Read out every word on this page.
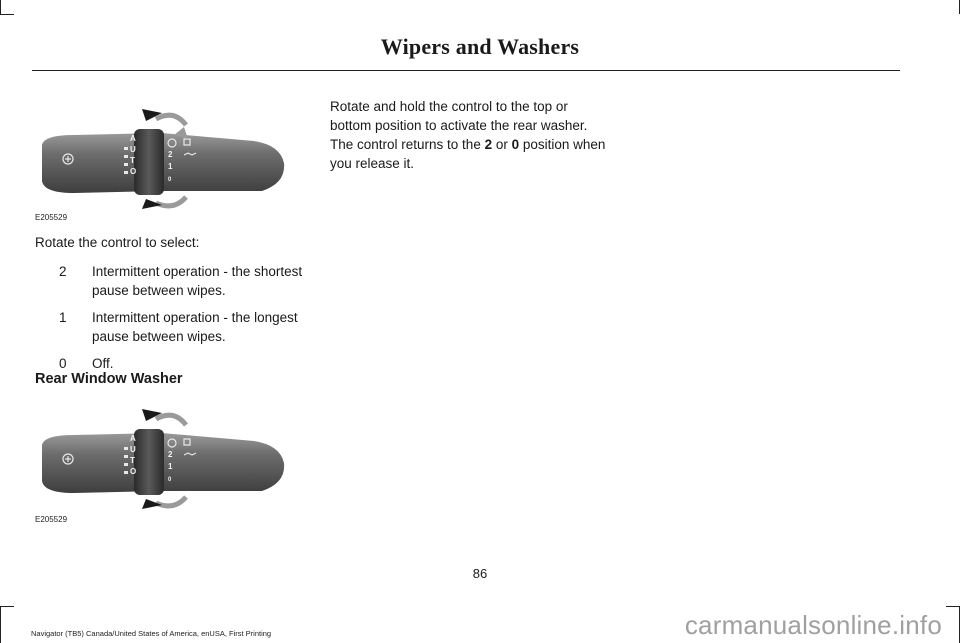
Wipers and Washers
A
U
T
O
2
1
0
E205529
Rotate the control to select:
2	Intermittent operation - the shortest pause between wipes.
1	Intermittent operation - the longest pause between wipes.
0	Off.
Rear Window Washer
A
U
T
O
2
1
0
E205529
Rotate and hold the control to the top or bottom position to activate the rear washer. The control returns to the 2 or 0 position when you release it.
86
Navigator (TB5) Canada/United States of America, enUSA, First Printing	carmanualsonline.info
